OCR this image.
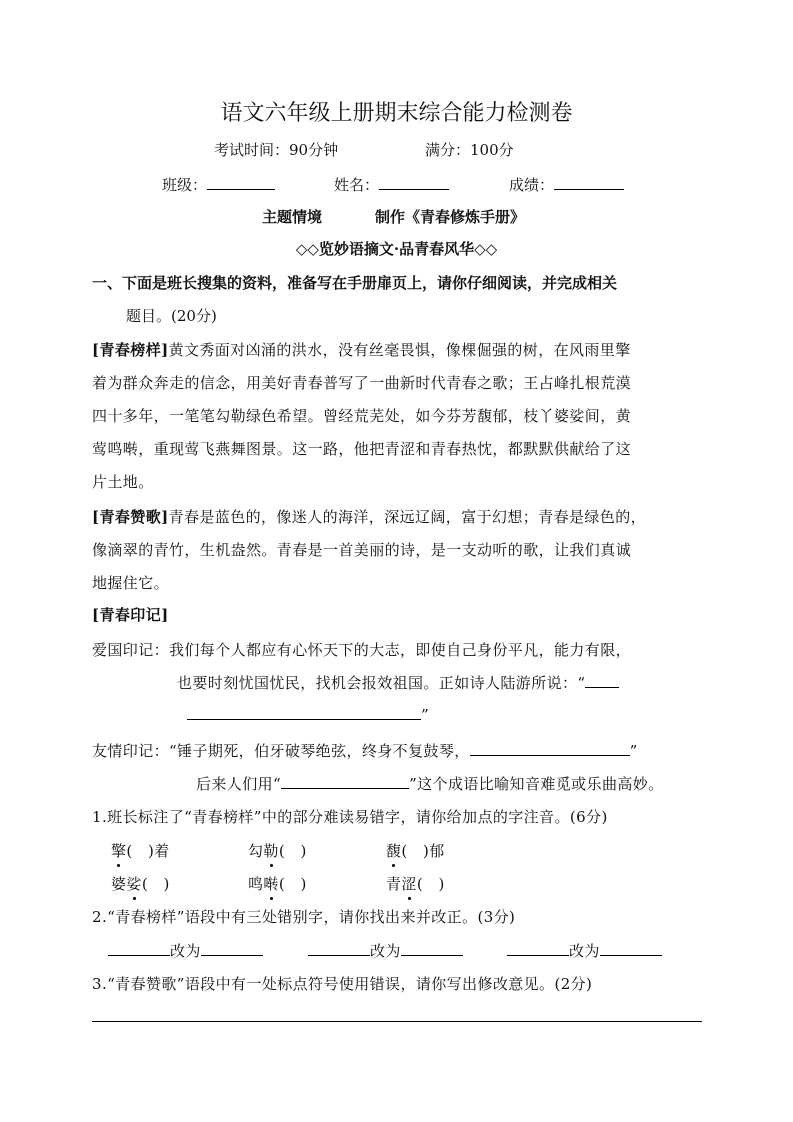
语文六年级上册期末综合能力检测卷
考试时间：90分钟	满分：100分
班级：	姓名：	成绩：
主题情境	制作《青春修炼手册》
◇◇览妙语摘文·品青春风华◇◇
一、下面是班长搜集的资料，准备写在手册扉页上，请你仔细阅读，并完成相关
题目。(20分)
[青春榜样]黄文秀面对凶涌的洪水，没有丝毫畏惧，像棵倔强的树，在风雨里擎
着为群众奔走的信念，用美好青春普写了一曲新时代青春之歌；王占峰扎根荒漠
四十多年，一笔笔勾勒绿色希望。曾经荒芜处，如今芬芳馥郁，枝丫婆娑间，黄
莺鸣啭，重现莺飞燕舞图景。这一路，他把青涩和青春热忱，都默默供献给了这
片土地。
[青春赞歌]青春是蓝色的，像迷人的海洋，深远辽阔，富于幻想；青春是绿色的，
像滴翠的青竹，生机盎然。青春是一首美丽的诗，是一支动听的歌，让我们真诚
地握住它。
[青春印记]
爱国印记：我们每个人都应有心怀天下的大志，即使自己身份平凡，能力有限，
也要时刻忧国忧民，找机会报效祖国。正如诗人陆游所说：“
”
友情印记：“锤子期死，伯牙破琴绝弦，终身不复鼓琴，	”
后来人们用“	”这个成语比喻知音难觅或乐曲高妙。
1.班长标注了“青春榜样”中的部分难读易错字，请你给加点的字注音。(6分)
擎(　)着	勾勒(　)	馥(　)郁
婆娑(　)	鸣啭(　)	青涩(　)
2.“青春榜样”语段中有三处错别字，请你找出来并改正。(3分)
改为	改为	改为
3.“青春赞歌”语段中有一处标点符号使用错误，请你写出修改意见。(2分)
